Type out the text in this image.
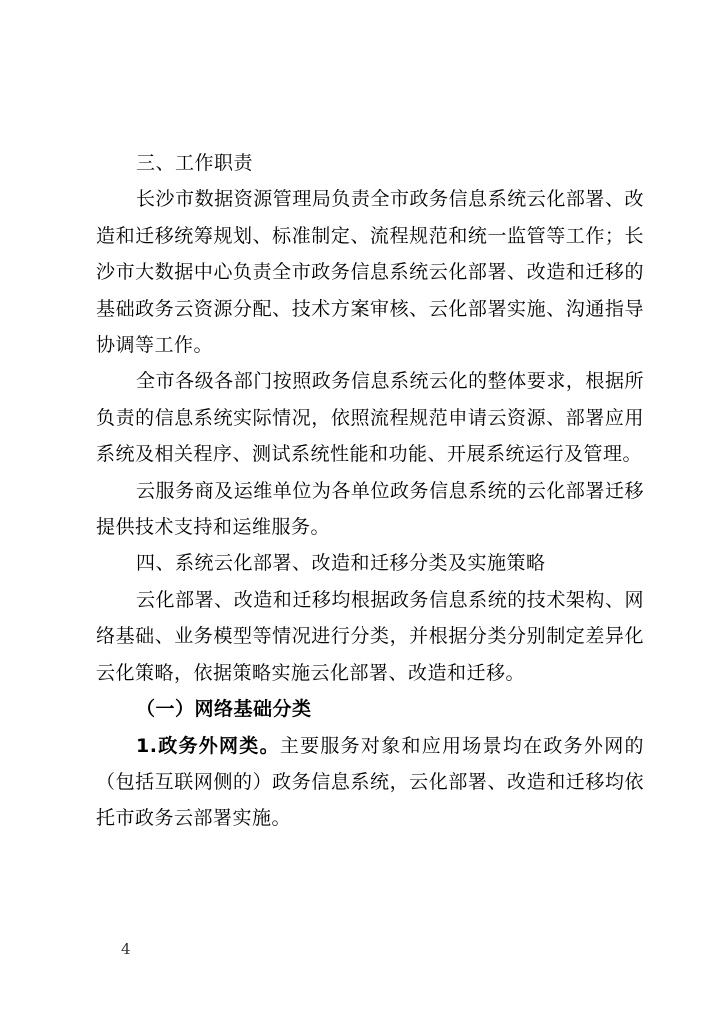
三、工作职责

长沙市数据资源管理局负责全市政务信息系统云化部署、改造和迁移统筹规划、标准制定、流程规范和统一监管等工作；长沙市大数据中心负责全市政务信息系统云化部署、改造和迁移的基础政务云资源分配、技术方案审核、云化部署实施、沟通指导协调等工作。

全市各级各部门按照政务信息系统云化的整体要求，根据所负责的信息系统实际情况，依照流程规范申请云资源、部署应用系统及相关程序、测试系统性能和功能、开展系统运行及管理。

云服务商及运维单位为各单位政务信息系统的云化部署迁移提供技术支持和运维服务。

四、系统云化部署、改造和迁移分类及实施策略

云化部署、改造和迁移均根据政务信息系统的技术架构、网络基础、业务模型等情况进行分类，并根据分类分别制定差异化云化策略，依据策略实施云化部署、改造和迁移。

（一）网络基础分类

1.政务外网类。主要服务对象和应用场景均在政务外网的（包括互联网侧的）政务信息系统，云化部署、改造和迁移均依托市政务云部署实施。

4
